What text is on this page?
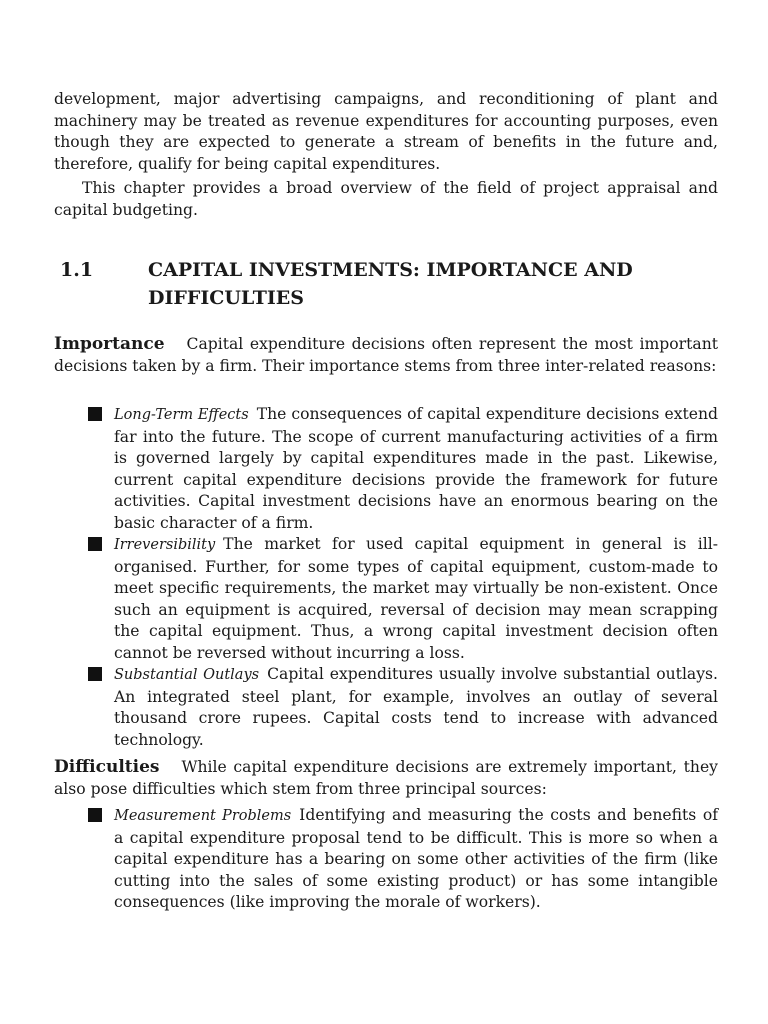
development, major advertising campaigns, and reconditioning of plant and machinery may be treated as revenue expenditures for accounting purposes, even though they are expected to generate a stream of benefits in the future and, therefore, qualify for being capital expenditures.

This chapter provides a broad overview of the field of project appraisal and capital budgeting.

1.1	CAPITAL INVESTMENTS: IMPORTANCE AND DIFFICULTIES

Importance Capital expenditure decisions often represent the most important decisions taken by a firm. Their importance stems from three inter-related reasons:

Long-Term Effects The consequences of capital expenditure decisions extend far into the future. The scope of current manufacturing activities of a firm is governed largely by capital expenditures made in the past. Likewise, current capital expenditure decisions provide the framework for future activities. Capital investment decisions have an enormous bearing on the basic character of a firm.
Irreversibility The market for used capital equipment in general is ill-organised. Further, for some types of capital equipment, custom-made to meet specific requirements, the market may virtually be non-existent. Once such an equipment is acquired, reversal of decision may mean scrapping the capital equipment. Thus, a wrong capital investment decision often cannot be reversed without incurring a loss.
Substantial Outlays Capital expenditures usually involve substantial outlays. An integrated steel plant, for example, involves an outlay of several thousand crore rupees. Capital costs tend to increase with advanced technology.

Difficulties While capital expenditure decisions are extremely important, they also pose difficulties which stem from three principal sources:

Measurement Problems Identifying and measuring the costs and benefits of a capital expenditure proposal tend to be difficult. This is more so when a capital expenditure has a bearing on some other activities of the firm (like cutting into the sales of some existing product) or has some intangible consequences (like improving the morale of workers).
